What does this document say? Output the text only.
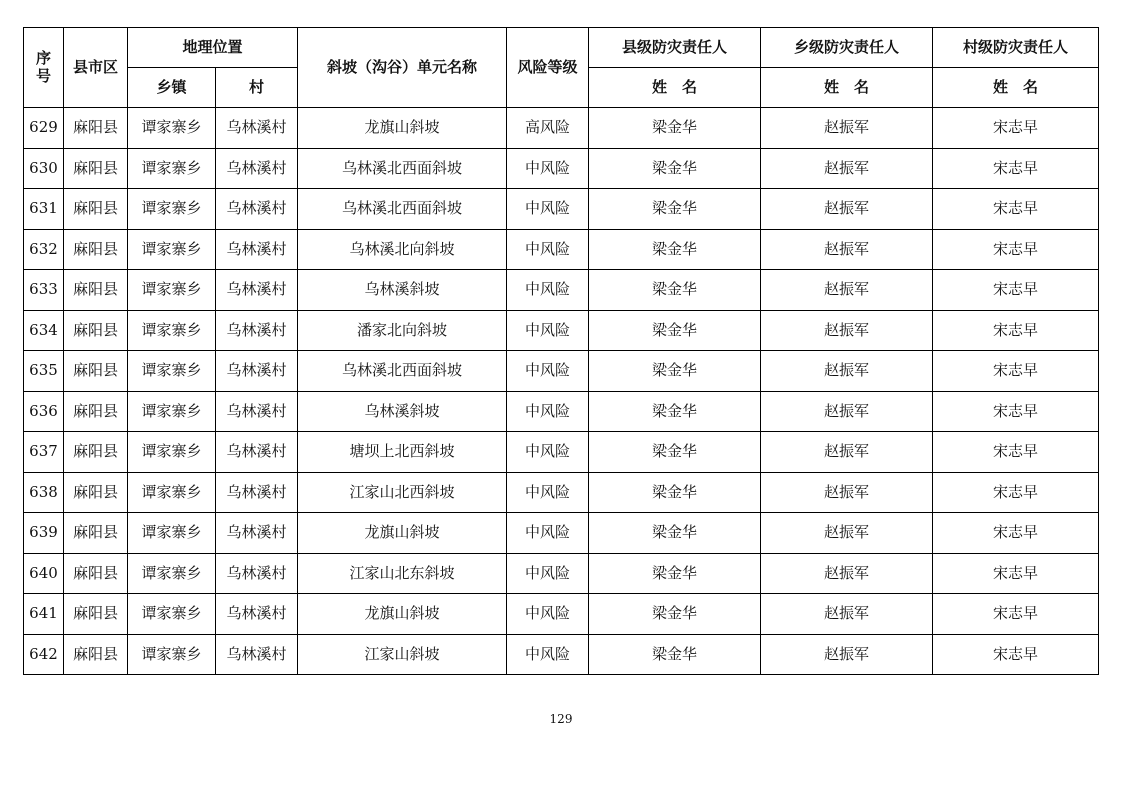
序号	县市区	地理位置		斜坡（沟谷）单元名称	风险等级	县级防灾责任人	乡级防灾责任人	村级防灾责任人
		乡镇	村			姓　名	姓　名	姓　名
629	麻阳县	谭家寨乡	乌林溪村	龙旗山斜坡	高风险	梁金华	赵振军	宋志早
630	麻阳县	谭家寨乡	乌林溪村	乌林溪北西面斜坡	中风险	梁金华	赵振军	宋志早
631	麻阳县	谭家寨乡	乌林溪村	乌林溪北西面斜坡	中风险	梁金华	赵振军	宋志早
632	麻阳县	谭家寨乡	乌林溪村	乌林溪北向斜坡	中风险	梁金华	赵振军	宋志早
633	麻阳县	谭家寨乡	乌林溪村	乌林溪斜坡	中风险	梁金华	赵振军	宋志早
634	麻阳县	谭家寨乡	乌林溪村	潘家北向斜坡	中风险	梁金华	赵振军	宋志早
635	麻阳县	谭家寨乡	乌林溪村	乌林溪北西面斜坡	中风险	梁金华	赵振军	宋志早
636	麻阳县	谭家寨乡	乌林溪村	乌林溪斜坡	中风险	梁金华	赵振军	宋志早
637	麻阳县	谭家寨乡	乌林溪村	塘坝上北西斜坡	中风险	梁金华	赵振军	宋志早
638	麻阳县	谭家寨乡	乌林溪村	江家山北西斜坡	中风险	梁金华	赵振军	宋志早
639	麻阳县	谭家寨乡	乌林溪村	龙旗山斜坡	中风险	梁金华	赵振军	宋志早
640	麻阳县	谭家寨乡	乌林溪村	江家山北东斜坡	中风险	梁金华	赵振军	宋志早
641	麻阳县	谭家寨乡	乌林溪村	龙旗山斜坡	中风险	梁金华	赵振军	宋志早
642	麻阳县	谭家寨乡	乌林溪村	江家山斜坡	中风险	梁金华	赵振军	宋志早
129
